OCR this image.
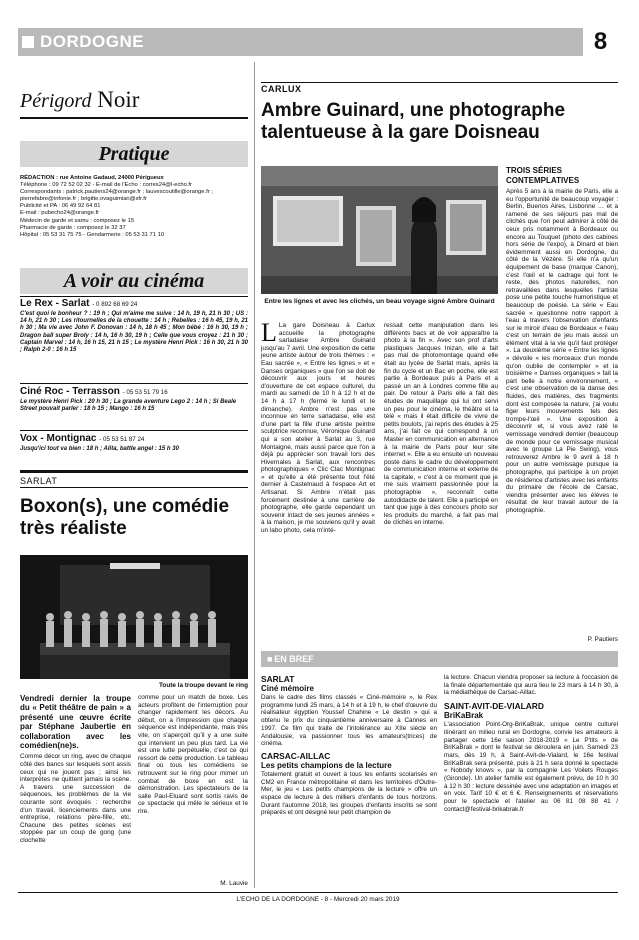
DORDOGNE	8
Périgord Noir
Pratique
RÉDACTION : rue Antoine Gadaud, 24000 Périgueux
Téléphone : 09 72 52 02 32 - E-mail de l'Echo : corres24@l-echo.fr
Correspondants : patrick.pautiers24@orange.fr ; lauvescoutille@orange.fr ;
pierrefabre@infonie.fr ; brigitte.ovaguimian@sfr.fr
Publicité et PA : 06 49 92 64 81
E-mail : pubecho24@orange.fr
Médecin de garde et samu : composez le 15
Pharmacie de garde : composez le 32 37
Hôpital : 05 53 31 75 75 - Gendarmerie : 05 53 31 71 10
A voir au cinéma
Le Rex - Sarlat - 0 892 68 69 24
C'est quoi le bonheur ? : 19 h ; Qui m'aime me suive : 14 h, 19 h, 21 h 30 ; US : 14 h, 21 h 30 ; Les ritournelles de la chouette : 14 h ; Rebelles : 16 h 45, 19 h, 21 h 30 ; Ma vie avec John F. Donovan : 14 h, 18 h 45 ; Mon bébé : 16 h 30, 19 h ; Dragon ball super Broly : 14 h, 16 h 30, 19 h ; Celle que vous croyez : 21 h 30 ; Captain Marvel : 14 h, 16 h 15, 21 h 15 ; Le mystère Henri Pick : 16 h 30, 21 h 30 ; Ralph 2-0 : 16 h 15
Ciné Roc - Terrasson - 05 53 51 79 16
Le mystère Henri Pick : 20 h 30 ; La grande aventure Lego 2 : 14 h ; Si Beale Street pouvait parler : 18 h 15 ; Mango : 16 h 15
Vox - Montignac - 05 53 51 87 24
Jusqu'ici tout va bien : 18 h ; Alita, battle angel : 15 h 30
SARLAT
Boxon(s), une comédie très réaliste
Toute la troupe devant le ring

Vendredi dernier la troupe du « Petit théâtre de pain » a présenté une œuvre écrite par Stéphane Jaubertie en collaboration avec les comédien(ne)s.

Comme décor un ring, avec de chaque côté des bancs sur lesquels sont assis ceux qui ne jouent pas ; ainsi les interprètes ne quittent jamais la scène. A travers une succession de séquences, les problèmes de la vie courante sont évoqués : recherche d'un travail, licenciements dans une entreprise, relations père-fille, etc. Chacune des petites scènes est stoppée par un coup de gong (une clochette

comme pour un match de boxe. Les acteurs profitent de l'interruption pour changer rapidement les décors. Au début, on a l'impression que chaque séquence est indépendante, mais très vite, on s'aperçoit qu'il y a une suite qui intervient un peu plus tard. La vie est une lutte perpétuelle, c'est ce qui ressort de cette production. Le tableau final où tous les comédiens se retrouvent sur le ring pour mimer un combat de boxe en est la démonstration. Les spectateurs de la salle Paul-Eluard sont sortis ravis de ce spectacle qui mêle le sérieux et le rire.

M. Lauvie
CARLUX
Ambre Guinard, une photographe talentueuse à la gare Doisneau
Entre les lignes et avec les clichés, un beau voyage signé Ambre Guinard

L La gare Doisneau à Carlux accueille la photographe sarladaise Ambre Guinard jusqu'au 7 avril. Une exposition de cette jeune artiste autour de trois thèmes : « Eau sacrée », « Entre les lignes » et « Danses organiques » que l'on se doit de découvrir aux jours et heures d'ouverture de cet espace culturel, du mardi au samedi de 10 h à 12 h et de 14 h à 17 h (fermé le lundi et le dimanche). Ambre n'est pas une inconnue en terre sarladaise, elle est d'une part la fille d'une artiste peintre sculptrice reconnue, Véronique Guinard qui a son atelier à Sarlat au 3, rue Montaigne, mais aussi parce que l'on a déjà pu apprécier son travail lors des Hivernales à Sarlat, aux rencontres photographiques « Clic Clac Montignac » et qu'elle a été présente tout l'été dernier à Castelnaud à l'espace Art et Artisanat. Si Ambre n'était pas forcément destinée à une carrière de photographe, elle garde cependant un souvenir intact de ses jeunes années « à la maison, je me souviens qu'il y avait un labo photo, cela m'inté-

ressait cette manipulation dans les différents bacs et de voir apparaître la photo à la fin ». Avec son prof d'arts plastiques Jacques Inizan, elle a fait pas mal de photomontage quand elle était au lycée de Sarlat mais, après la fin du cycle et un Bac en poche, elle est partie à Bordeaux puis à Paris et a passé un an à Londres comme fille au pair. De retour à Paris elle a fait des études de maquillage qui lui ont servi un peu pour le cinéma, le théâtre et la télé « mais il était difficile de vivre de petits boulots, j'ai repris des études à 25 ans, j'ai fait ce qui correspond à un Master en communication en alternance à la mairie de Paris pour leur site internet ». Elle a eu ensuite un nouveau poste dans le cadre du développement de communication interne et externe de la capitale, « c'est à ce moment que je me suis vraiment passionnée pour la photographie », reconnaît cette autodidacte de talent. Elle a participé en tant que juge à des concours photo sur les produits du marché, a fait pas mal de clichés en interne.

TROIS SÉRIES CONTEMPLATIVES

Après 5 ans à la mairie de Paris, elle a eu l'opportunité de beaucoup voyager : Berlin, Buenos Aires, Lisbonne … et a ramené de ses séjours pas mal de clichés que l'on peut admirer à côté de ceux pris notamment à Bordeaux ou encore au Touquet (photo des cabines hors série de l'expo), à Dinard et bien évidemment aussi en Dordogne, du côté de la Vézère. Si elle n'a qu'un équipement de base (marque Canon), c'est l'œil et le cadrage qui font le reste, des photos naturelles, non retravaillées dans lesquelles l'artiste pose une petite touche humoristique et beaucoup de poésie. La série « Eau sacrée » questionne notre rapport à l'eau à travers l'observation d'enfants sur le miroir d'eau de Bordeaux « l'eau c'est un terrain de jeu mais aussi un élément vital à la vie qu'il faut protéger ». La deuxième série « Entre les lignes » dévoile « les morceaux d'un monde qu'on oublie de contempler » et la troisième « Danses organiques » fait la part belle à notre environnement, « c'est une observation de la danse des fluides, des matières, des fragments dont est composée la nature, j'ai voulu figer leurs mouvements tels des trompe-l'œil ». Une exposition à découvrir et, si vous avez raté le vernissage vendredi dernier (beaucoup de monde pour ce vernissage musical avec le groupe La Pie Swing), vous retrouverez Ambre le 9 avril à 18 h pour un autre vernissage puisque la photographe, qui participe à un projet de résidence d'artistes avec les enfants du primaire de l'école de Carsac, viendra présenter avec les élèves le résultat de leur travail autour de la photographie.

P. Pautiers
■ EN BREF
SARLAT
Ciné mémoire
Dans le cadre des films classés « Ciné-mémoire », le Rex programme lundi 25 mars, à 14 h et à 19 h, le chef d'œuvre du réalisateur égyptien Youssef Chahine « Le destin » qui a obtenu le prix du cinquantième anniversaire à Cannes en 1997. Ce film qui traite de l'intolérance au XIIe siècle en Andalousie, va passionner tous les amateurs(trices) de cinéma.
CARSAC-AILLAC
Les petits champions de la lecture
Totalement gratuit et ouvert à tous les enfants scolarisés en CM2 en France métropolitaine et dans les territoires d'Outre-Mer, le jeu « Les petits champions de la lecture » offre un espace de lecture à des milliers d'enfants de tous horizons. Durant l'automne 2018, les groupes d'enfants inscrits se sont préparés et ont désigné leur petit champion de
la lecture. Chacun viendra proposer sa lecture à l'occasion de la finale départementale qui aura lieu le 23 mars à 14 h 30, à la médiathèque de Carsac-Aillac.
SAINT-AVIT-DE-VIALARD
BriKaBrak
L'association Point-Org-BriKaBrak, unique centre culturel itinérant en milieu rural en Dordogne, convie les amateurs à partager cette 16e saison 2018-2019 « Le P'tits » de BriKaBrak » dont le festival se déroulera en juin. Samedi 23 mars, dès 19 h, à Saint-Avit-de-Vialard, le 16e festival BriKaBrak sera présenté, puis à 21 h sera donné le spectacle « Nobody knows », par la compagnie Les Voilets Rouges (Gironde). Un atelier famille est également prévu, de 10 h 30 à 12 h 30 : lecture dessinée avec une adaptation en images et en voix. Tarif 10 € et 6 €. Renseignements et réservations pour le spectacle et l'atelier au 06 81 08 88 41 / contact@festival-brikabrak.fr
L'ECHO DE LA DORDOGNE - 8 - Mercredi 20 mars 2019
